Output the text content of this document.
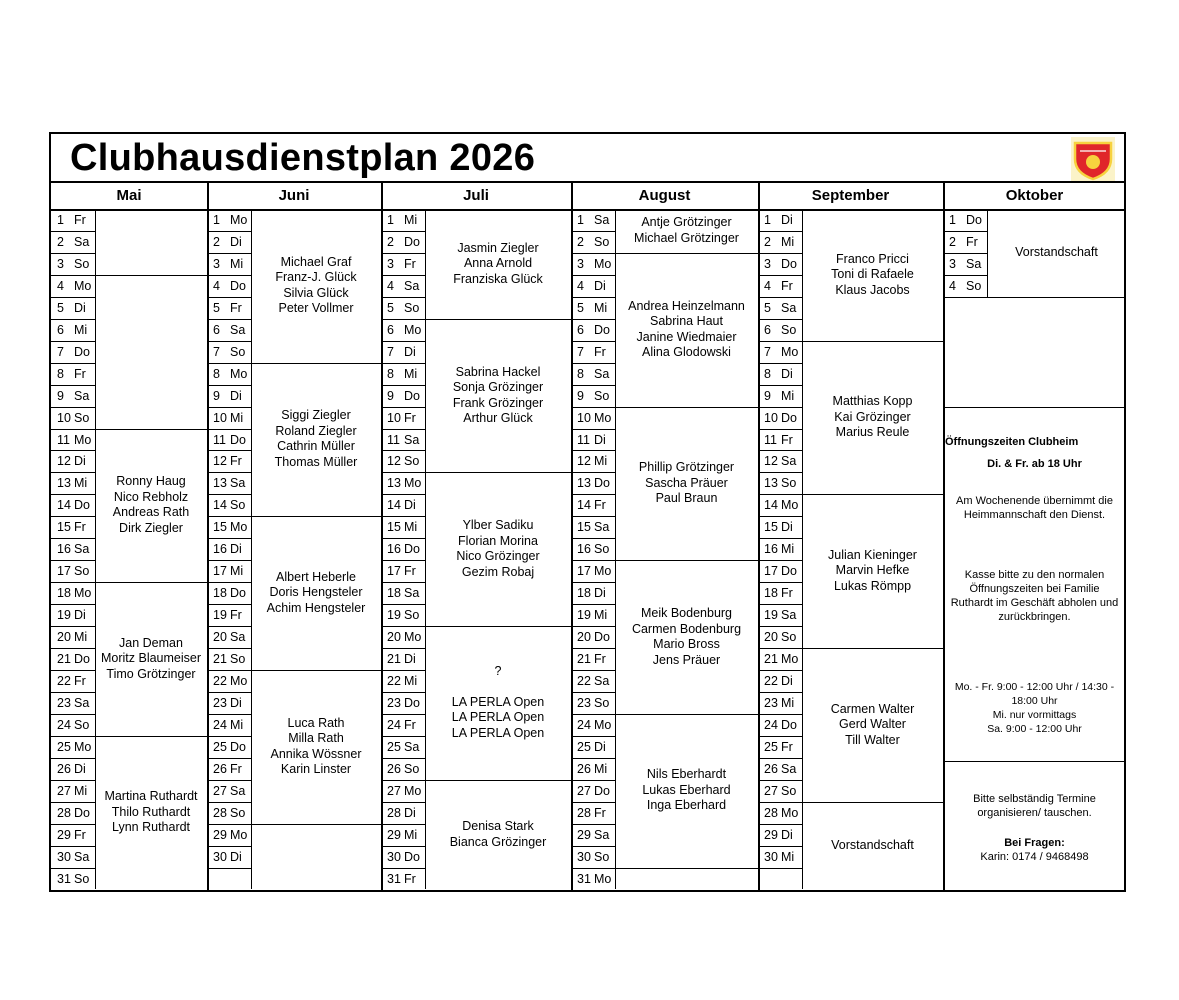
Clubhausdienstplan 2026
Mai
1 Fr
2 Sa
3 So
4 Mo
5 Di
6 Mi
7 Do
8 Fr
9 Sa
10 So
11 Mo
12 Di
13 Mi
14 Do
15 Fr
16 Sa
17 So
18 Mo
19 Di
20 Mi
21 Do
22 Fr
23 Sa
24 So
25 Mo
26 Di
27 Mi
28 Do
29 Fr
30 Sa
31 So
Ronny Haug
Nico Rebholz
Andreas Rath
Dirk Ziegler
Jan Deman
Moritz Blaumeiser
Timo Grötzinger
Martina Ruthardt
Thilo Ruthardt
Lynn Ruthardt
Juni
1 Mo
2 Di
3 Mi
4 Do
5 Fr
6 Sa
7 So
8 Mo
9 Di
10 Mi
11 Do
12 Fr
13 Sa
14 So
15 Mo
16 Di
17 Mi
18 Do
19 Fr
20 Sa
21 So
22 Mo
23 Di
24 Mi
25 Do
26 Fr
27 Sa
28 So
29 Mo
30 Di
Michael Graf
Franz-J. Glück
Silvia Glück
Peter Vollmer
Siggi Ziegler
Roland Ziegler
Cathrin Müller
Thomas Müller
Albert Heberle
Doris Hengsteler
Achim Hengsteler
Luca Rath
Milla Rath
Annika Wössner
Karin Linster
Juli
1 Mi
2 Do
3 Fr
4 Sa
5 So
6 Mo
7 Di
8 Mi
9 Do
10 Fr
11 Sa
12 So
13 Mo
14 Di
15 Mi
16 Do
17 Fr
18 Sa
19 So
20 Mo
21 Di
22 Mi
23 Do
24 Fr
25 Sa
26 So
27 Mo
28 Di
29 Mi
30 Do
31 Fr
Jasmin Ziegler
Anna Arnold
Franziska Glück
Sabrina Hackel
Sonja Grözinger
Frank Grözinger
Arthur Glück
Ylber Sadiku
Florian Morina
Nico Grözinger
Gezim Robaj
?
LA PERLA Open
LA PERLA Open
LA PERLA Open
Denisa Stark
Bianca Grözinger
August
1 Sa
2 So
3 Mo
4 Di
5 Mi
6 Do
7 Fr
8 Sa
9 So
10 Mo
11 Di
12 Mi
13 Do
14 Fr
15 Sa
16 So
17 Mo
18 Di
19 Mi
20 Do
21 Fr
22 Sa
23 So
24 Mo
25 Di
26 Mi
27 Do
28 Fr
29 Sa
30 So
31 Mo
Antje Grötzinger
Michael Grötzinger
Andrea Heinzelmann
Sabrina Haut
Janine Wiedmaier
Alina Glodowski
Phillip Grötzinger
Sascha Präuer
Paul Braun
Meik Bodenburg
Carmen Bodenburg
Mario Bross
Jens Präuer
Nils Eberhardt
Lukas Eberhard
Inga Eberhard
September
1 Di
2 Mi
3 Do
4 Fr
5 Sa
6 So
7 Mo
8 Di
9 Mi
10 Do
11 Fr
12 Sa
13 So
14 Mo
15 Di
16 Mi
17 Do
18 Fr
19 Sa
20 So
21 Mo
22 Di
23 Mi
24 Do
25 Fr
26 Sa
27 So
28 Mo
29 Di
30 Mi
Franco Pricci
Toni di Rafaele
Klaus Jacobs
Matthias Kopp
Kai Grözinger
Marius Reule
Julian Kieninger
Marvin Hefke
Lukas Römpp
Carmen Walter
Gerd Walter
Till Walter
Vorstandschaft
Oktober
1 Do
2 Fr
3 Sa
4 So
Vorstandschaft
Öffnungszeiten Clubheim
Di. & Fr. ab 18 Uhr
Am Wochenende übernimmt die
Heimmannschaft den Dienst.
Kasse bitte zu den normalen
Öffnungszeiten bei Familie
Ruthardt im Geschäft abholen und
zurückbringen.
Mo. - Fr. 9:00 - 12:00 Uhr / 14:30 -
18:00 Uhr
Mi. nur vormittags
Sa. 9:00 - 12:00 Uhr
Bitte selbständig Termine
organisieren/ tauschen.
Bei Fragen:
Karin: 0174 / 9468498
